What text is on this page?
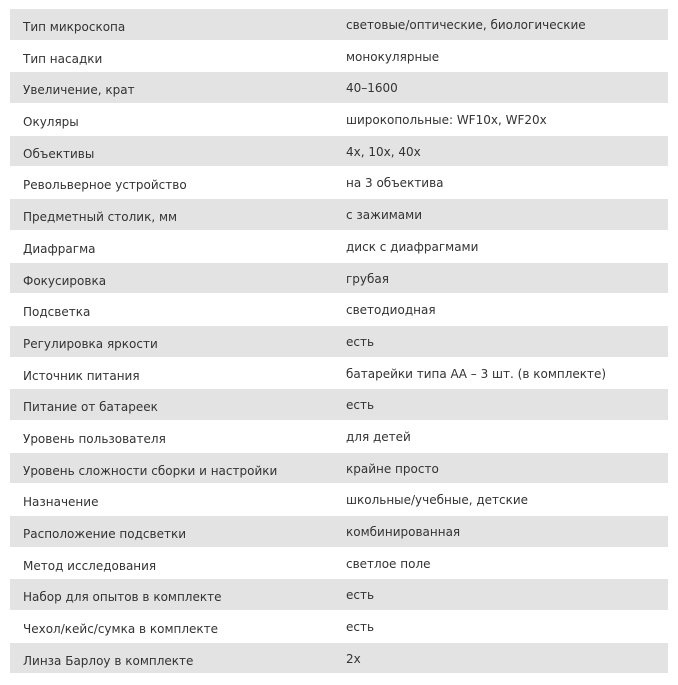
Тип микроскопа	световые/оптические, биологические
Тип насадки	монокулярные
Увеличение, крат	40–1600
Окуляры	широкопольные: WF10x, WF20x
Объективы	4x, 10x, 40x
Револьверное устройство	на 3 объектива
Предметный столик, мм	с зажимами
Диафрагма	диск с диафрагмами
Фокусировка	грубая
Подсветка	светодиодная
Регулировка яркости	есть
Источник питания	батарейки типа АА – 3 шт. (в комплекте)
Питание от батареек	есть
Уровень пользователя	для детей
Уровень сложности сборки и настройки	крайне просто
Назначение	школьные/учебные, детские
Расположение подсветки	комбинированная
Метод исследования	светлое поле
Набор для опытов в комплекте	есть
Чехол/кейс/сумка в комплекте	есть
Линза Барлоу в комплекте	2x
